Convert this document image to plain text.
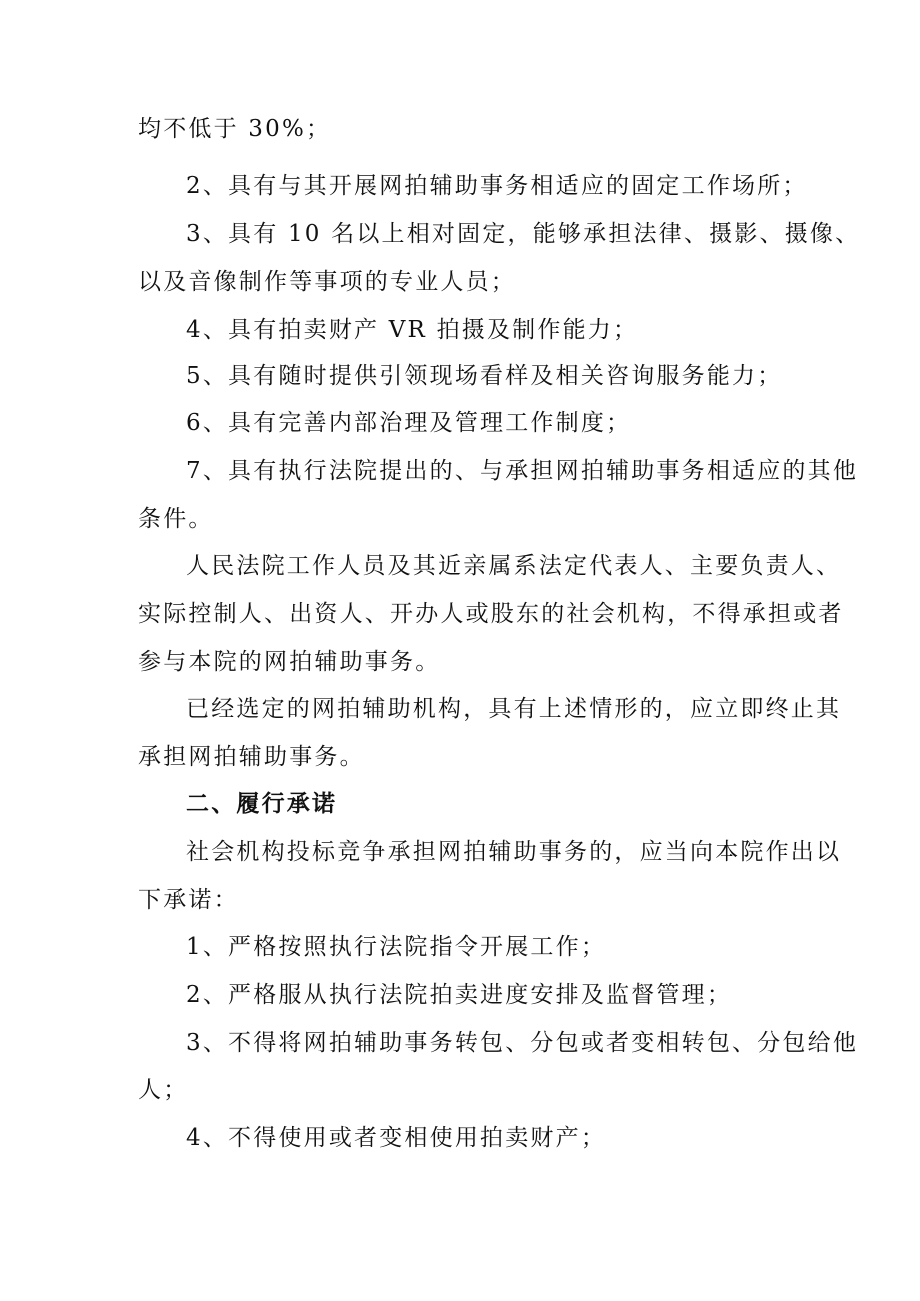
均不低于 30%；
2、具有与其开展网拍辅助事务相适应的固定工作场所；
3、具有 10 名以上相对固定，能够承担法律、摄影、摄像、
以及音像制作等事项的专业人员；
4、具有拍卖财产 VR 拍摄及制作能力；
5、具有随时提供引领现场看样及相关咨询服务能力；
6、具有完善内部治理及管理工作制度；
7、具有执行法院提出的、与承担网拍辅助事务相适应的其他
条件。
人民法院工作人员及其近亲属系法定代表人、主要负责人、
实际控制人、出资人、开办人或股东的社会机构，不得承担或者
参与本院的网拍辅助事务。
已经选定的网拍辅助机构，具有上述情形的，应立即终止其
承担网拍辅助事务。
二、履行承诺
社会机构投标竞争承担网拍辅助事务的，应当向本院作出以
下承诺：
1、严格按照执行法院指令开展工作；
2、严格服从执行法院拍卖进度安排及监督管理；
3、不得将网拍辅助事务转包、分包或者变相转包、分包给他
人；
4、不得使用或者变相使用拍卖财产；
